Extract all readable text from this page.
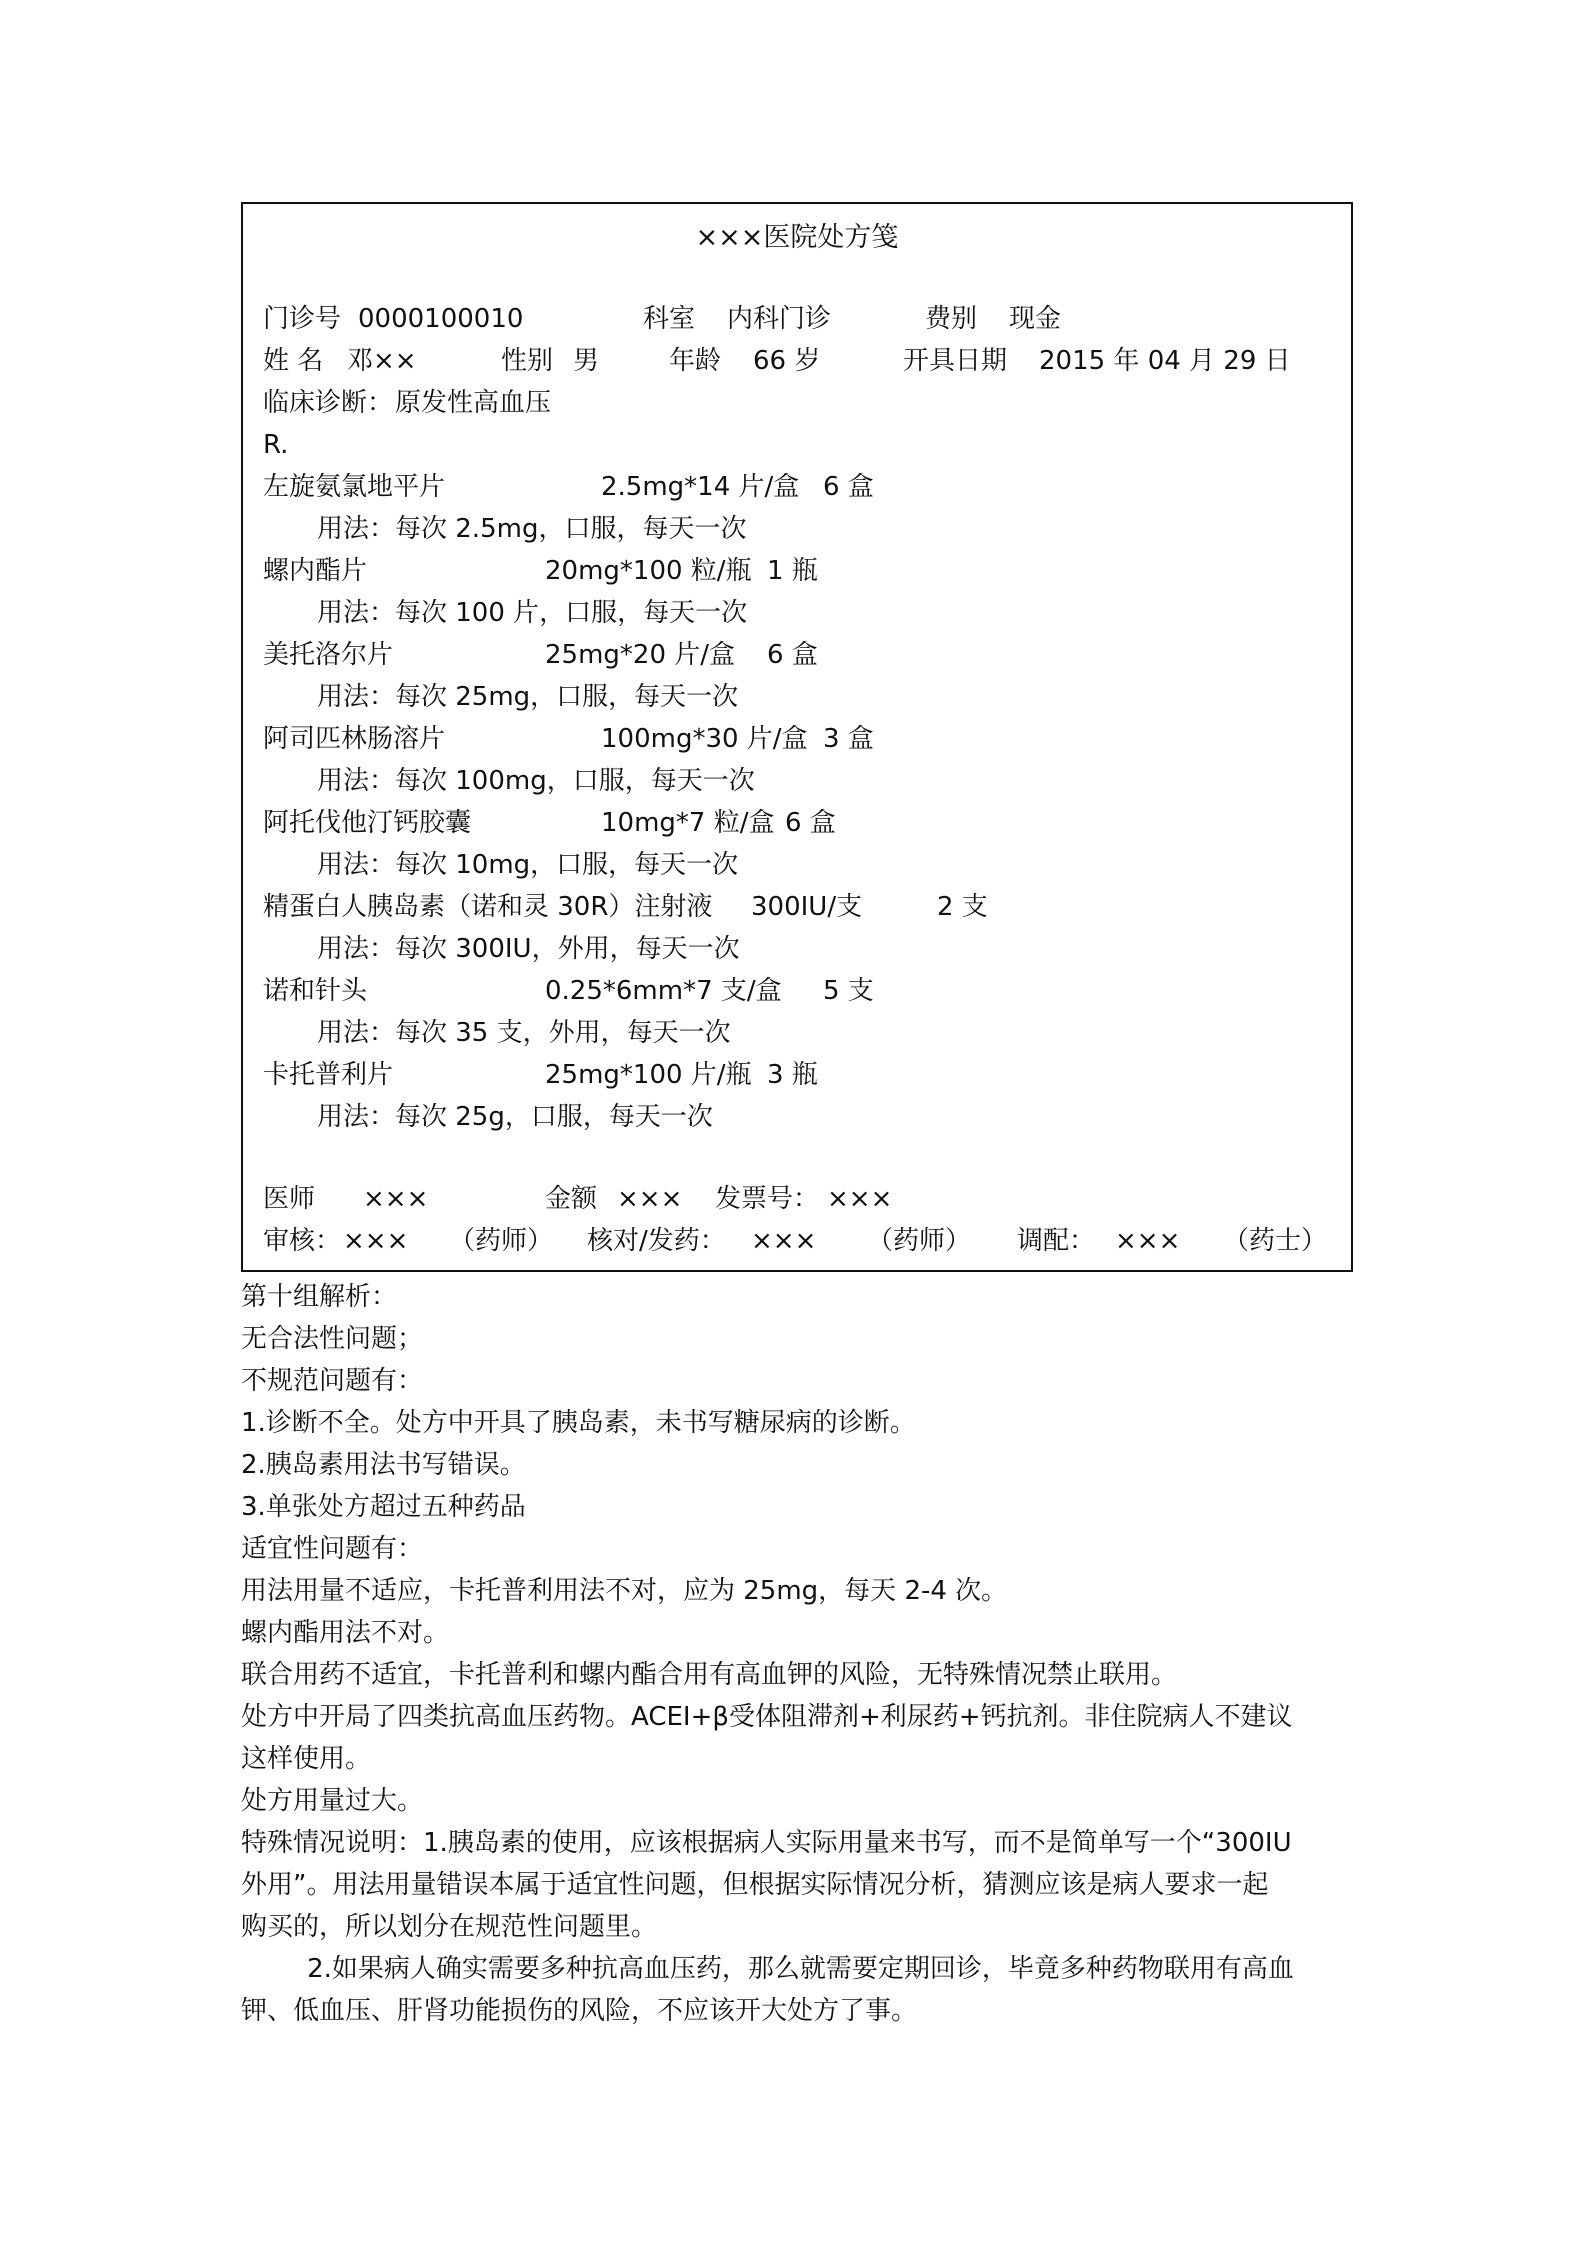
×××医院处方笺
门诊号 0000100010	科室 内科门诊	费别 现金
姓 名 邓××	性别 男	年龄 66 岁	开具日期 2015 年 04 月 29 日
临床诊断： 原发性高血压
R.
左旋氨氯地平片	2.5mg*14 片/盒 6 盒
用法：每次 2.5mg，口服，每天一次
螺内酯片	20mg*100 粒/瓶 1 瓶
用法：每次 100 片，口服，每天一次
美托洛尔片	25mg*20 片/盒 6 盒
用法：每次 25mg，口服，每天一次
阿司匹林肠溶片	100mg*30 片/盒 3 盒
用法：每次 100mg，口服，每天一次
阿托伐他汀钙胶囊	10mg*7 粒/盒 6 盒
用法：每次 10mg，口服，每天一次
精蛋白人胰岛素（诺和灵 30R）注射液 300IU/支	2 支
用法：每次 300IU，外用，每天一次
诺和针头	0.25*6mm*7 支/盒 5 支
用法：每次 35 支，外用，每天一次
卡托普利片	25mg*100 片/瓶 3 瓶
用法：每次 25g，口服，每天一次
医师 ×××	金额 ××× 发票号： ×××
审核： ××× （药师） 核对/发药： ××× （药师） 调配： ××× （药士）
第十组解析：
无合法性问题；
不规范问题有：
1.诊断不全。处方中开具了胰岛素，未书写糖尿病的诊断。
2.胰岛素用法书写错误。
3.单张处方超过五种药品
适宜性问题有：
用法用量不适应，卡托普利用法不对，应为 25mg，每天 2-4 次。
螺内酯用法不对。
联合用药不适宜，卡托普利和螺内酯合用有高血钾的风险，无特殊情况禁止联用。
处方中开局了四类抗高血压药物。ACEI+β受体阻滞剂+利尿药+钙抗剂。非住院病人不建议
这样使用。
处方用量过大。
特殊情况说明：1.胰岛素的使用，应该根据病人实际用量来书写，而不是简单写一个“300IU
外用”。用法用量错误本属于适宜性问题，但根据实际情况分析，猜测应该是病人要求一起
购买的，所以划分在规范性问题里。
2.如果病人确实需要多种抗高血压药，那么就需要定期回诊，毕竟多种药物联用有高血
钾、低血压、肝肾功能损伤的风险，不应该开大处方了事。
